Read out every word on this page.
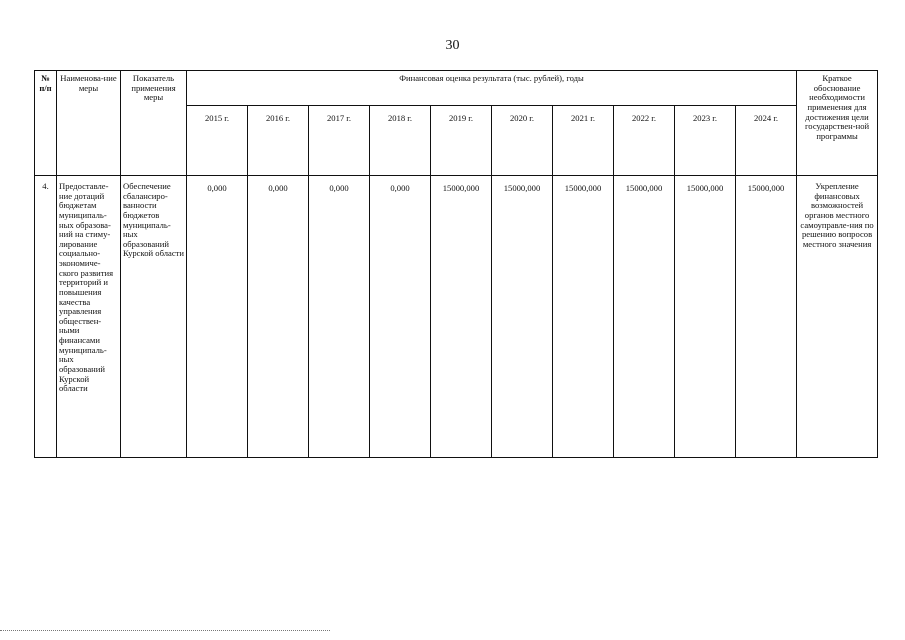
30
№ п/п	Наименова-ние меры	Показатель применения меры	Финансовая оценка результата (тыс. рублей), годы										Краткое обоснование необходимости применения для достижения цели государствен-ной программы
			2015 г.	2016 г.	2017 г.	2018 г.	2019 г.	2020 г.	2021 г.	2022 г.	2023 г.	2024 г.	
4.	Предоставле-ние дотаций бюджетам муниципаль-ных образова-ний на стиму-лирование социально-экономиче-ского развития территорий и повышения качества управления обществен-ными финансами муниципаль-ных образований Курской области	Обеспечение сбалансиро-ванности бюджетов муниципаль-ных образований Курской области	0,000	0,000	0,000	0,000	15000,000	15000,000	15000,000	15000,000	15000,000	15000,000	Укрепление финансовых возможностей органов местного самоуправле-ния по решению вопросов местного значения
